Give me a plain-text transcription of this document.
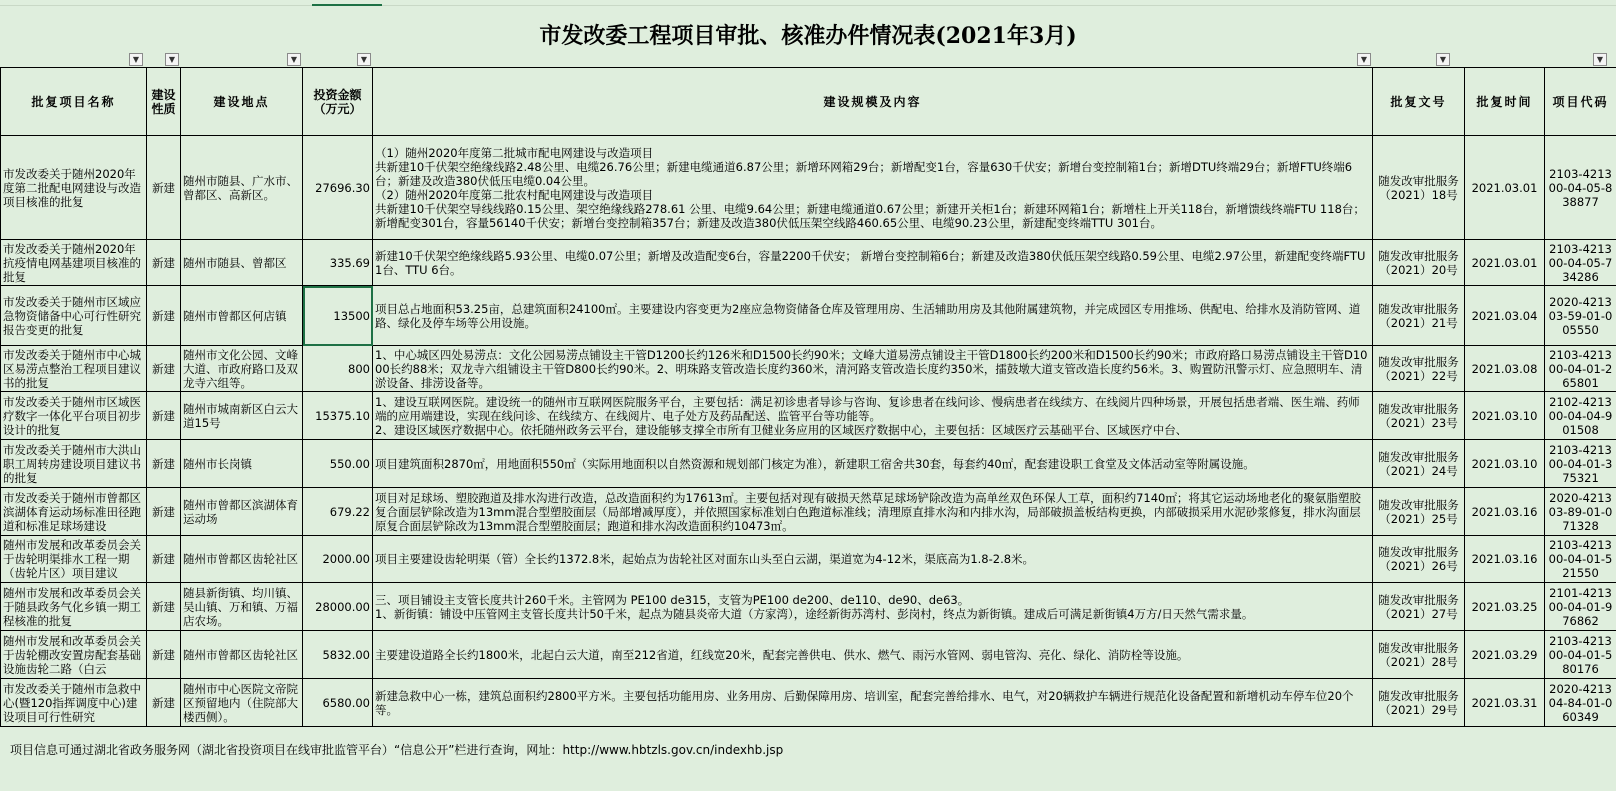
市发改委工程项目审批、核准办件情况表(2021年3月)
▼	▼	▼	▼	▼	▼	▼
批复项目名称	建设性质	建设地点	投资金额（万元）	建设规模及内容	批复文号	批复时间	项目代码
市发改委关于随州2020年度第二批配电网建设与改造项目核准的批复	新建	随州市随县、广水市、曾都区、高新区。	27696.30	（1）随州2020年度第二批城市配电网建设与改造项目
共新建10千伏架空绝缘线路2.48公里、电缆26.76公里；新建电缆通道6.87公里；新增环网箱29台；新增配变1台，容量630千伏安；新增台变控制箱1台；新增DTU终端29台；新增FTU终端6台；新建及改造380伏低压电缆0.04公里。
（2）随州2020年度第二批农村配电网建设与改造项目
共新建10千伏架空导线线路0.15公里、架空绝缘线路278.61 公里、电缆9.64公里；新建电缆通道0.67公里；新建开关柜1台；新建环网箱1台；新增柱上开关118台，新增馈线终端FTU 118台；新增配变301台，容量56140千伏安；新增台变控制箱357台；新建及改造380伏低压架空线路460.65公里、电缆90.23公里，新建配变终端TTU 301台。	随发改审批服务（2021）18号	2021.03.01	2103-421300-04-05-838877
市发改委关于随州2020年抗疫情电网基建项目核准的批复	新建	随州市随县、曾都区	335.69	新建10千伏架空绝缘线路5.93公里、电缆0.07公里；新增及改造配变6台，容量2200千伏安； 新增台变控制箱6台；新建及改造380伏低压架空线路0.59公里、电缆2.97公里，新建配变终端FTU 1台、TTU 6台。	随发改审批服务（2021）20号	2021.03.01	2103-421300-04-05-734286
市发改委关于随州市区域应急物资储备中心可行性研究报告变更的批复	新建	随州市曾都区何店镇	13500	项目总占地面积53.25亩，总建筑面积24100㎡。主要建设内容变更为2座应急物资储备仓库及管理用房、生活辅助用房及其他附属建筑物，并完成园区专用推场、供配电、给排水及消防管网、道路、绿化及停车场等公用设施。	随发改审批服务（2021）21号	2021.03.04	2020-421303-59-01-005550
市发改委关于随州市中心城区易涝点整治工程项目建议书的批复	新建	随州市文化公园、文峰大道、市政府路口及双龙寺六组等。	800	1、中心城区四处易涝点：文化公园易涝点铺设主干管D1200长约126米和D1500长约90米；文峰大道易涝点铺设主干管D1800长约200米和D1500长约90米；市政府路口易涝点铺设主干管D1000长约88米；双龙寺六组铺设主干管D800长约90米。2、明珠路支管改造长度约360米，清河路支管改造长度约350米，擂鼓墩大道支管改造长度约56米。3、购置防汛警示灯、应急照明车、清淤设备、排涝设备等。	随发改审批服务（2021）22号	2021.03.08	2103-421300-04-01-265801
市发改委关于随州市区域医疗数字一体化平台项目初步设计的批复	新建	随州市城南新区白云大道15号	15375.10	1、建设互联网医院。建设统一的随州市互联网医院服务平台，主要包括：满足初诊患者导诊与咨询、复诊患者在线问诊、慢病患者在线续方、在线阅片四种场景，开展包括患者端、医生端、药师端的应用端建设，实现在线问诊、在线续方、在线阅片、电子处方及药品配送、监管平台等功能等。
2、建设区域医疗数据中心。依托随州政务云平台，建设能够支撑全市所有卫健业务应用的区域医疗数据中心，主要包括：区域医疗云基础平台、区域医疗中台、	随发改审批服务（2021）23号	2021.03.10	2102-421300-04-04-901508
市发改委关于随州市大洪山职工周转房建设项目建议书的批复	新建	随州市长岗镇	550.00	项目建筑面积2870㎡，用地面积550㎡（实际用地面积以自然资源和规划部门核定为准），新建职工宿舍共30套，每套约40㎡，配套建设职工食堂及文体活动室等附属设施。	随发改审批服务（2021）24号	2021.03.10	2103-421300-04-01-375321
市发改委关于随州市曾都区滨湖体育运动场标准田径跑道和标准足球场建设	新建	随州市曾都区滨湖体育运动场	679.22	项目对足球场、塑胶跑道及排水沟进行改造，总改造面积约为17613㎡。主要包括对现有破损天然草足球场铲除改造为高单丝双色环保人工草，面积约7140㎡；将其它运动场地老化的聚氨脂塑胶复合面层铲除改造为13mm混合型塑胶面层（局部增减厚度），并依照国家标准划白色跑道标准线；清理原直排水沟和内排水沟，局部破损盖板结构更换，内部破损采用水泥砂浆修复，排水沟面层原复合面层铲除改为13mm混合型塑胶面层；跑道和排水沟改造面积约10473㎡。	随发改审批服务（2021）25号	2021.03.16	2020-421303-89-01-071328
随州市发展和改革委员会关于齿轮明渠排水工程一期（齿轮片区）项目建议	新建	随州市曾都区齿轮社区	2000.00	项目主要建设齿轮明渠（管）全长约1372.8米，起始点为齿轮社区对面东山头至白云湖，渠道宽为4-12米，渠底高为1.8-2.8米。	随发改审批服务（2021）26号	2021.03.16	2103-421300-04-01-521550
随州市发展和改革委员会关于随县政务气化乡镇一期工程核准的批复	新建	随县新街镇、均川镇、吴山镇、万和镇、万福店农场。	28000.00	三、项目铺设主支管长度共计260千米。主管网为 PE100 de315，支管为PE100 de200、de110、de90、de63。
1、新街镇：铺设中压管网主支管长度共计50千米，起点为随县炎帝大道（方家湾），途经新街苏湾村、彭岗村，终点为新街镇。建成后可满足新街镇4万方/日天然气需求量。	随发改审批服务（2021）27号	2021.03.25	2101-421300-04-01-976862
随州市发展和改革委员会关于齿轮棚改安置房配套基础设施齿轮二路（白云	新建	随州市曾都区齿轮社区	5832.00	主要建设道路全长约1800米，北起白云大道，南至212省道，红线宽20米，配套完善供电、供水、燃气、雨污水管网、弱电管沟、亮化、绿化、消防栓等设施。	随发改审批服务（2021）28号	2021.03.29	2103-421300-04-01-580176
市发改委关于随州市急救中心(暨120指挥调度中心)建设项目可行性研究	新建	随州市中心医院文帝院区预留地内（住院部大楼西侧）。	6580.00	新建急救中心一栋，建筑总面积约2800平方米。主要包括功能用房、业务用房、后勤保障用房、培训室，配套完善给排水、电气，对20辆救护车辆进行规范化设备配置和新增机动车停车位20个等。	随发改审批服务（2021）29号	2021.03.31	2020-421304-84-01-060349
项目信息可通过湖北省政务服务网（湖北省投资项目在线审批监管平台）“信息公开”栏进行查询，网址：http://www.hbtzls.gov.cn/indexhb.jsp
